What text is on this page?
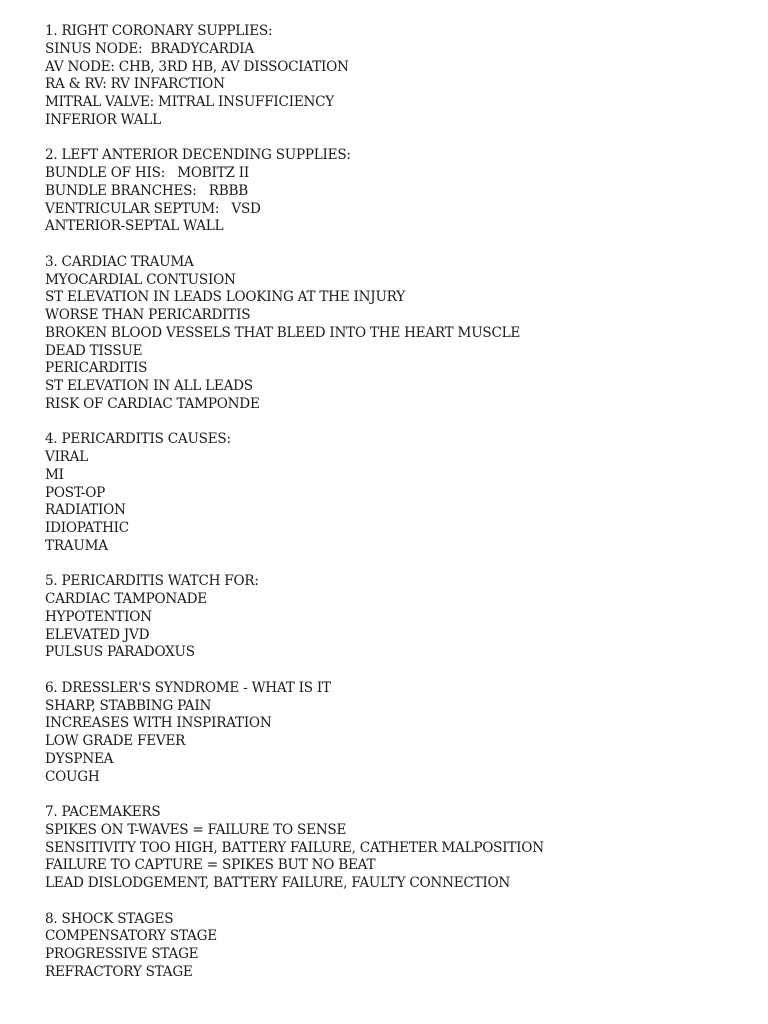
1. RIGHT CORONARY SUPPLIES:
SINUS NODE:  BRADYCARDIA
AV NODE: CHB, 3RD HB, AV DISSOCIATION
RA & RV: RV INFARCTION
MITRAL VALVE: MITRAL INSUFFICIENCY
INFERIOR WALL
2. LEFT ANTERIOR DECENDING SUPPLIES:
BUNDLE OF HIS:   MOBITZ II
BUNDLE BRANCHES:   RBBB
VENTRICULAR SEPTUM:   VSD
ANTERIOR-SEPTAL WALL
3. CARDIAC TRAUMA
MYOCARDIAL CONTUSION
ST ELEVATION IN LEADS LOOKING AT THE INJURY
WORSE THAN PERICARDITIS
BROKEN BLOOD VESSELS THAT BLEED INTO THE HEART MUSCLE
DEAD TISSUE
PERICARDITIS
ST ELEVATION IN ALL LEADS
RISK OF CARDIAC TAMPONDE
4. PERICARDITIS CAUSES:
VIRAL
MI
POST-OP
RADIATION
IDIOPATHIC
TRAUMA
5. PERICARDITIS WATCH FOR:
CARDIAC TAMPONADE
HYPOTENTION
ELEVATED JVD
PULSUS PARADOXUS
6. DRESSLER'S SYNDROME - WHAT IS IT
SHARP, STABBING PAIN
INCREASES WITH INSPIRATION
LOW GRADE FEVER
DYSPNEA
COUGH
7. PACEMAKERS
SPIKES ON T-WAVES = FAILURE TO SENSE
SENSITIVITY TOO HIGH, BATTERY FAILURE, CATHETER MALPOSITION
FAILURE TO CAPTURE = SPIKES BUT NO BEAT
LEAD DISLODGEMENT, BATTERY FAILURE, FAULTY CONNECTION
8. SHOCK STAGES
COMPENSATORY STAGE
PROGRESSIVE STAGE
REFRACTORY STAGE
